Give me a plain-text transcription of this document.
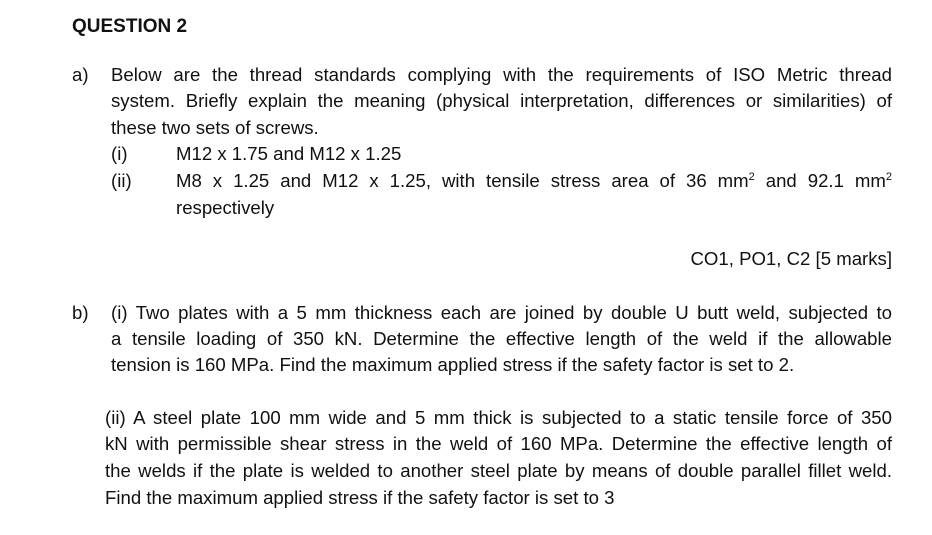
QUESTION 2
a) Below are the thread standards complying with the requirements of ISO Metric thread
system. Briefly explain the meaning (physical interpretation, differences or similarities) of
these two sets of screws.
(i)	M12 x 1.75 and M12 x 1.25
(ii) M8 x 1.25 and M12 x 1.25, with tensile stress area of 36 $mm^2$ and 92.1 $mm^2$
respectively
CO1, PO1, C2 [5 marks]
b) (i) Two plates with a 5 mm thickness each are joined by double U butt weld, subjected to
a tensile loading of 350 kN. Determine the effective length of the weld if the allowable
tension is 160 MPa. Find the maximum applied stress if the safety factor is set to 2.
(ii) A steel plate 100 mm wide and 5 mm thick is subjected to a static tensile force of 350
kN with permissible shear stress in the weld of 160 MPa. Determine the effective length of
the welds if the plate is welded to another steel plate by means of double parallel fillet weld.
Find the maximum applied stress if the safety factor is set to 3
